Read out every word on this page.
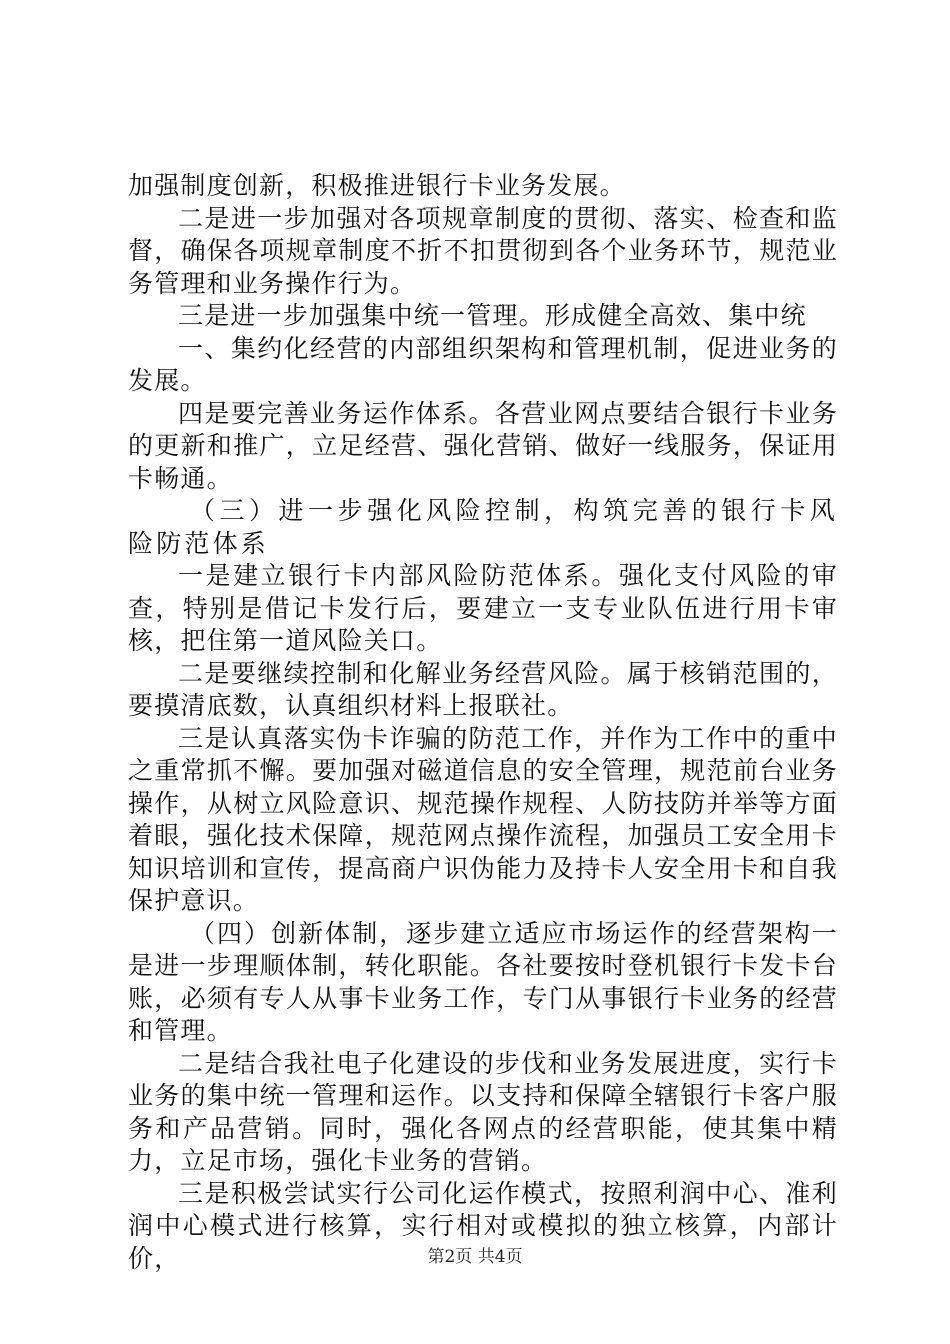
加强制度创新，积极推进银行卡业务发展。

二是进一步加强对各项规章制度的贯彻、落实、检查和监督，确保各项规章制度不折不扣贯彻到各个业务环节，规范业务管理和业务操作行为。

三是进一步加强集中统一管理。形成健全高效、集中统

一、集约化经营的内部组织架构和管理机制，促进业务的发展。

四是要完善业务运作体系。各营业网点要结合银行卡业务的更新和推广，立足经营、强化营销、做好一线服务，保证用卡畅通。

（三）进一步强化风险控制，构筑完善的银行卡风险防范体系

一是建立银行卡内部风险防范体系。强化支付风险的审查，特别是借记卡发行后，要建立一支专业队伍进行用卡审核，把住第一道风险关口。

二是要继续控制和化解业务经营风险。属于核销范围的，要摸清底数，认真组织材料上报联社。

三是认真落实伪卡诈骗的防范工作，并作为工作中的重中之重常抓不懈。要加强对磁道信息的安全管理，规范前台业务操作，从树立风险意识、规范操作规程、人防技防并举等方面着眼，强化技术保障，规范网点操作流程，加强员工安全用卡知识培训和宣传，提高商户识伪能力及持卡人安全用卡和自我保护意识。

（四）创新体制，逐步建立适应市场运作的经营架构一是进一步理顺体制，转化职能。各社要按时登机银行卡发卡台账，必须有专人从事卡业务工作，专门从事银行卡业务的经营和管理。

二是结合我社电子化建设的步伐和业务发展进度，实行卡业务的集中统一管理和运作。以支持和保障全辖银行卡客户服务和产品营销。同时，强化各网点的经营职能，使其集中精力，立足市场，强化卡业务的营销。

三是积极尝试实行公司化运作模式，按照利润中心、准利润中心模式进行核算，实行相对或模拟的独立核算，内部计价，	第2页 共4页
